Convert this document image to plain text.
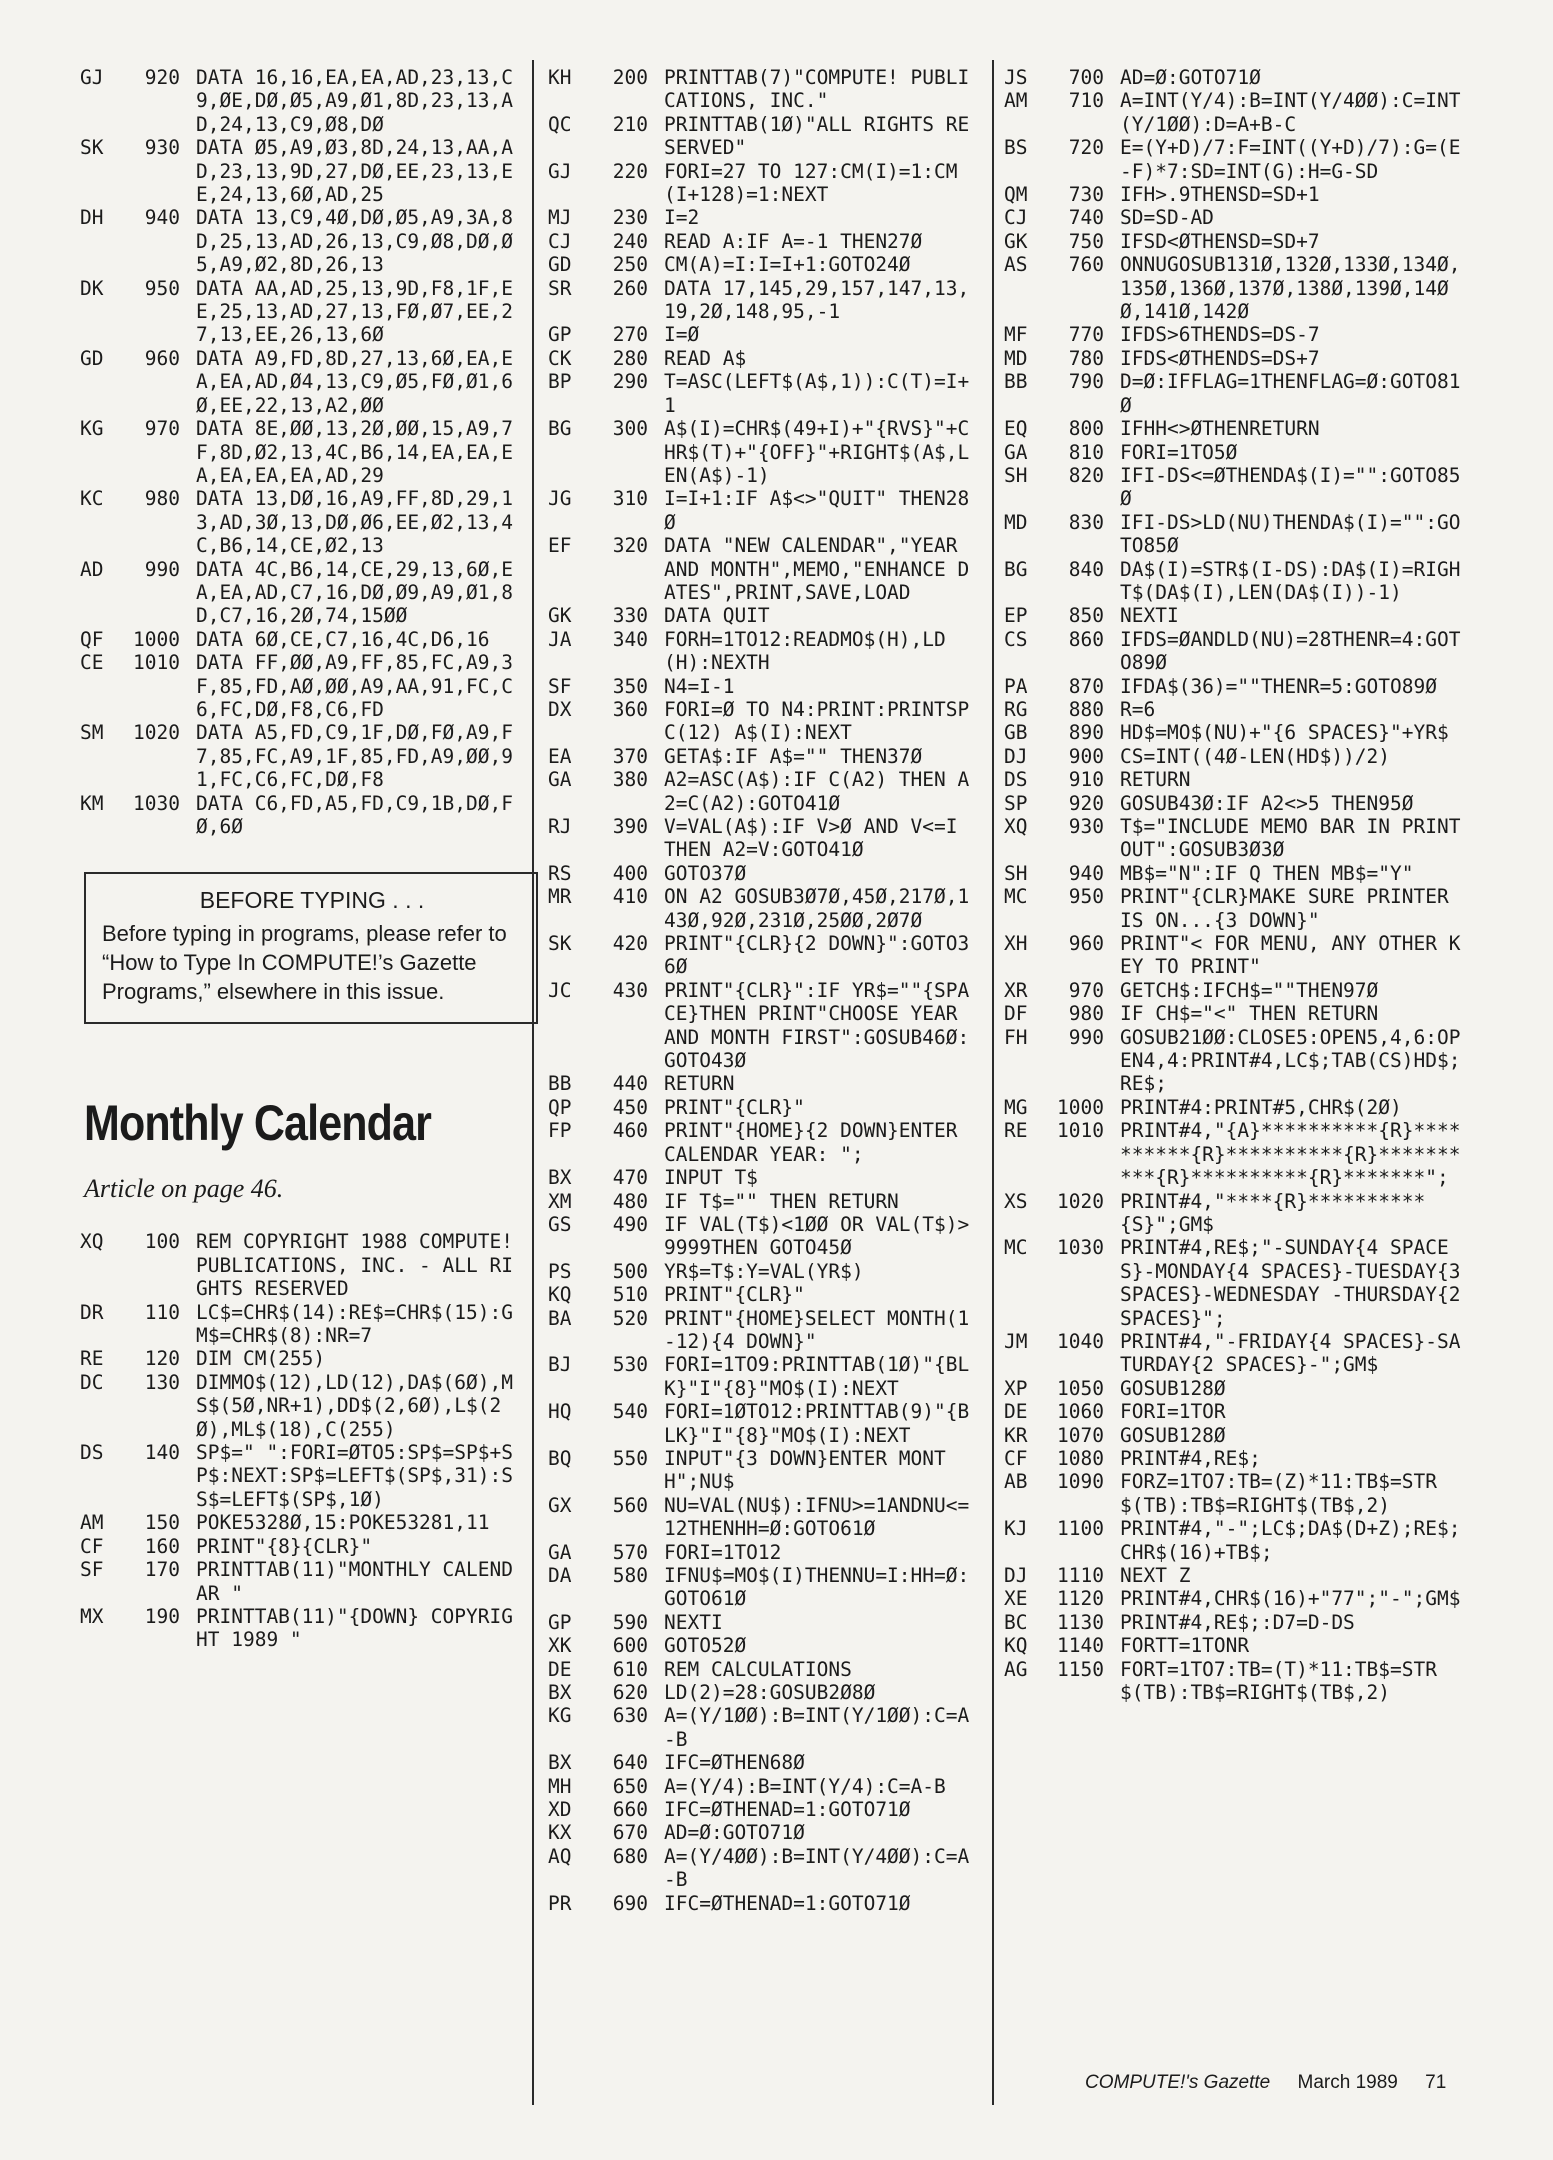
GJ	920 DATA 16,16,EA,EA,AD,23,13,C9,ØE,DØ,Ø5,A9,Ø1,8D,23,13,AD,24,13,C9,Ø8,DØ
SK	930 DATA Ø5,A9,Ø3,8D,24,13,AA,AD,23,13,9D,27,DØ,EE,23,13,EE,24,13,6Ø,AD,25
DH	940 DATA 13,C9,4Ø,DØ,Ø5,A9,3A,8D,25,13,AD,26,13,C9,Ø8,DØ,Ø5,A9,Ø2,8D,26,13
DK	950 DATA AA,AD,25,13,9D,F8,1F,EE,25,13,AD,27,13,FØ,Ø7,EE,27,13,EE,26,13,6Ø
GD	960 DATA A9,FD,8D,27,13,6Ø,EA,EA,EA,AD,Ø4,13,C9,Ø5,FØ,Ø1,6Ø,EE,22,13,A2,ØØ
KG	970 DATA 8E,ØØ,13,2Ø,ØØ,15,A9,7F,8D,Ø2,13,4C,B6,14,EA,EA,EA,EA,EA,EA,AD,29
KC	980 DATA 13,DØ,16,A9,FF,8D,29,13,AD,3Ø,13,DØ,Ø6,EE,Ø2,13,4C,B6,14,CE,Ø2,13
AD	990 DATA 4C,B6,14,CE,29,13,6Ø,EA,EA,AD,C7,16,DØ,Ø9,A9,Ø1,8D,C7,16,2Ø,74,15ØØ
QF	1000 DATA 6Ø,CE,C7,16,4C,D6,16
CE	1010 DATA FF,ØØ,A9,FF,85,FC,A9,3F,85,FD,AØ,ØØ,A9,AA,91,FC,C6,FC,DØ,F8,C6,FD
SM	1020 DATA A5,FD,C9,1F,DØ,FØ,A9,F7,85,FC,A9,1F,85,FD,A9,ØØ,91,FC,C6,FC,DØ,F8
KM	1030 DATA C6,FD,A5,FD,C9,1B,DØ,FØ,6Ø
BEFORE TYPING . . .
Before typing in programs, please refer to “How to Type In COMPUTE!’s Gazette Programs,” elsewhere in this issue.
Monthly Calendar
Article on page 46.
XQ	100 REM COPYRIGHT 1988 COMPUTE! PUBLICATIONS, INC. - ALL RIGHTS RESERVED
DR	110 LC$=CHR$(14):RE$=CHR$(15):GM$=CHR$(8):NR=7
RE	120 DIM CM(255)
DC	130 DIMMO$(12),LD(12),DA$(6Ø),MS$(5Ø,NR+1),DD$(2,6Ø),L$(2Ø),ML$(18),C(255)
DS	140 SP$=" ":FORI=ØTO5:SP$=SP$+SP$:NEXT:SP$=LEFT$(SP$,31):SS$=LEFT$(SP$,1Ø)
AM	150 POKE5328Ø,15:POKE53281,11
CF	160 PRINT"{8}{CLR}"
SF	170 PRINTTAB(11)"MONTHLY CALENDAR "
MX	190 PRINTTAB(11)"{DOWN} COPYRIGHT 1989 "
KH	200 PRINTTAB(7)"COMPUTE! PUBLICATIONS, INC."
QC	210 PRINTTAB(1Ø)"ALL RIGHTS RESERVED"
GJ	220 FORI=27 TO 127:CM(I)=1:CM(I+128)=1:NEXT
MJ	230 I=2
CJ	240 READ A:IF A=-1 THEN27Ø
GD	250 CM(A)=I:I=I+1:GOTO24Ø
SR	260 DATA 17,145,29,157,147,13,19,2Ø,148,95,-1
GP	270 I=Ø
CK	280 READ A$
BP	290 T=ASC(LEFT$(A$,1)):C(T)=I+1
BG	300 A$(I)=CHR$(49+I)+"{RVS}"+CHR$(T)+"{OFF}"+RIGHT$(A$,LEN(A$)-1)
JG	310 I=I+1:IF A$<>"QUIT" THEN28Ø
EF	320 DATA "NEW CALENDAR","YEAR AND MONTH",MEMO,"ENHANCE DATES",PRINT,SAVE,LOAD
GK	330 DATA QUIT
JA	340 FORH=1TO12:READMO$(H),LD(H):NEXTH
SF	350 N4=I-1
DX	360 FORI=Ø TO N4:PRINT:PRINTSPC(12) A$(I):NEXT
EA	370 GETA$:IF A$="" THEN37Ø
GA	380 A2=ASC(A$):IF C(A2) THEN A2=C(A2):GOTO41Ø
RJ	390 V=VAL(A$):IF V>Ø AND V<=I THEN A2=V:GOTO41Ø
RS	400 GOTO37Ø
MR	410 ON A2 GOSUB3Ø7Ø,45Ø,217Ø,143Ø,92Ø,231Ø,25ØØ,2Ø7Ø
SK	420 PRINT"{CLR}{2 DOWN}":GOTO36Ø
JC	430 PRINT"{CLR}":IF YR$=""{SPACE}THEN PRINT"CHOOSE YEAR AND MONTH FIRST":GOSUB46Ø:GOTO43Ø
BB	440 RETURN
QP	450 PRINT"{CLR}"
FP	460 PRINT"{HOME}{2 DOWN}ENTER CALENDAR YEAR: ";
BX	470 INPUT T$
XM	480 IF T$="" THEN RETURN
GS	490 IF VAL(T$)<1ØØ OR VAL(T$)>9999THEN GOTO45Ø
PS	500 YR$=T$:Y=VAL(YR$)
KQ	510 PRINT"{CLR}"
BA	520 PRINT"{HOME}SELECT MONTH(1-12){4 DOWN}"
BJ	530 FORI=1TO9:PRINTTAB(1Ø)"{BLK}"I"{8}"MO$(I):NEXT
HQ	540 FORI=1ØTO12:PRINTTAB(9)"{BLK}"I"{8}"MO$(I):NEXT
BQ	550 INPUT"{3 DOWN}ENTER MONTH";NU$
GX	560 NU=VAL(NU$):IFNU>=1ANDNU<=12THENHH=Ø:GOTO61Ø
GA	570 FORI=1TO12
DA	580 IFNU$=MO$(I)THENNU=I:HH=Ø:GOTO61Ø
GP	590 NEXTI
XK	600 GOTO52Ø
DE	610 REM CALCULATIONS
BX	620 LD(2)=28:GOSUB2Ø8Ø
KG	630 A=(Y/1ØØ):B=INT(Y/1ØØ):C=A-B
BX	640 IFC=ØTHEN68Ø
MH	650 A=(Y/4):B=INT(Y/4):C=A-B
XD	660 IFC=ØTHENAD=1:GOTO71Ø
KX	670 AD=Ø:GOTO71Ø
AQ	680 A=(Y/4ØØ):B=INT(Y/4ØØ):C=A-B
PR	690 IFC=ØTHENAD=1:GOTO71Ø
JS	700 AD=Ø:GOTO71Ø
AM	710 A=INT(Y/4):B=INT(Y/4ØØ):C=INT(Y/1ØØ):D=A+B-C
BS	720 E=(Y+D)/7:F=INT((Y+D)/7):G=(E-F)*7:SD=INT(G):H=G-SD
QM	730 IFH>.9THENSD=SD+1
CJ	740 SD=SD-AD
GK	750 IFSD<ØTHENSD=SD+7
AS	760 ONNUGOSUB131Ø,132Ø,133Ø,134Ø,135Ø,136Ø,137Ø,138Ø,139Ø,14ØØ,141Ø,142Ø
MF	770 IFDS>6THENDS=DS-7
MD	780 IFDS<ØTHENDS=DS+7
BB	790 D=Ø:IFFLAG=1THENFLAG=Ø:GOTO81Ø
EQ	800 IFHH<>ØTHENRETURN
GA	810 FORI=1TO5Ø
SH	820 IFI-DS<=ØTHENDA$(I)="":GOTO85Ø
MD	830 IFI-DS>LD(NU)THENDA$(I)="":GOTO85Ø
BG	840 DA$(I)=STR$(I-DS):DA$(I)=RIGHT$(DA$(I),LEN(DA$(I))-1)
EP	850 NEXTI
CS	860 IFDS=ØANDLD(NU)=28THENR=4:GOTO89Ø
PA	870 IFDA$(36)=""THENR=5:GOTO89Ø
RG	880 R=6
GB	890 HD$=MO$(NU)+"{6 SPACES}"+YR$
DJ	900 CS=INT((4Ø-LEN(HD$))/2)
DS	910 RETURN
SP	920 GOSUB43Ø:IF A2<>5 THEN95Ø
XQ	930 T$="INCLUDE MEMO BAR IN PRINT OUT":GOSUB3Ø3Ø
SH	940 MB$="N":IF Q THEN MB$="Y"
MC	950 PRINT"{CLR}MAKE SURE PRINTER IS ON...{3 DOWN}"
XH	960 PRINT"< FOR MENU, ANY OTHER KEY TO PRINT"
XR	970 GETCH$:IFCH$=""THEN97Ø
DF	980 IF CH$="<" THEN RETURN
FH	990 GOSUB21ØØ:CLOSE5:OPEN5,4,6:OPEN4,4:PRINT#4,LC$;TAB(CS)HD$;RE$;
MG	1000 PRINT#4:PRINT#5,CHR$(2Ø)
RE	1010 PRINT#4,"{A}**********{R}**********{R}**********{R}**********{R}**********{R}*******";
XS	1020 PRINT#4,"****{R}**********{S}";GM$
MC	1030 PRINT#4,RE$;"-SUNDAY{4 SPACES}-MONDAY{4 SPACES}-TUESDAY{3 SPACES}-WEDNESDAY -THURSDAY{2 SPACES}";
JM	1040 PRINT#4,"-FRIDAY{4 SPACES}-SATURDAY{2 SPACES}-";GM$
XP	1050 GOSUB128Ø
DE	1060 FORI=1TOR
KR	1070 GOSUB128Ø
CF	1080 PRINT#4,RE$;
AB	1090 FORZ=1TO7:TB=(Z)*11:TB$=STR$(TB):TB$=RIGHT$(TB$,2)
KJ	1100 PRINT#4,"-";LC$;DA$(D+Z);RE$;CHR$(16)+TB$;
DJ	1110 NEXT Z
XE	1120 PRINT#4,CHR$(16)+"77";"-";GM$
BC	1130 PRINT#4,RE$;:D7=D-DS
KQ	1140 FORTT=1TONR
AG	1150 FORT=1TO7:TB=(T)*11:TB$=STR$(TB):TB$=RIGHT$(TB$,2)
COMPUTE!'s Gazette March 1989 71
